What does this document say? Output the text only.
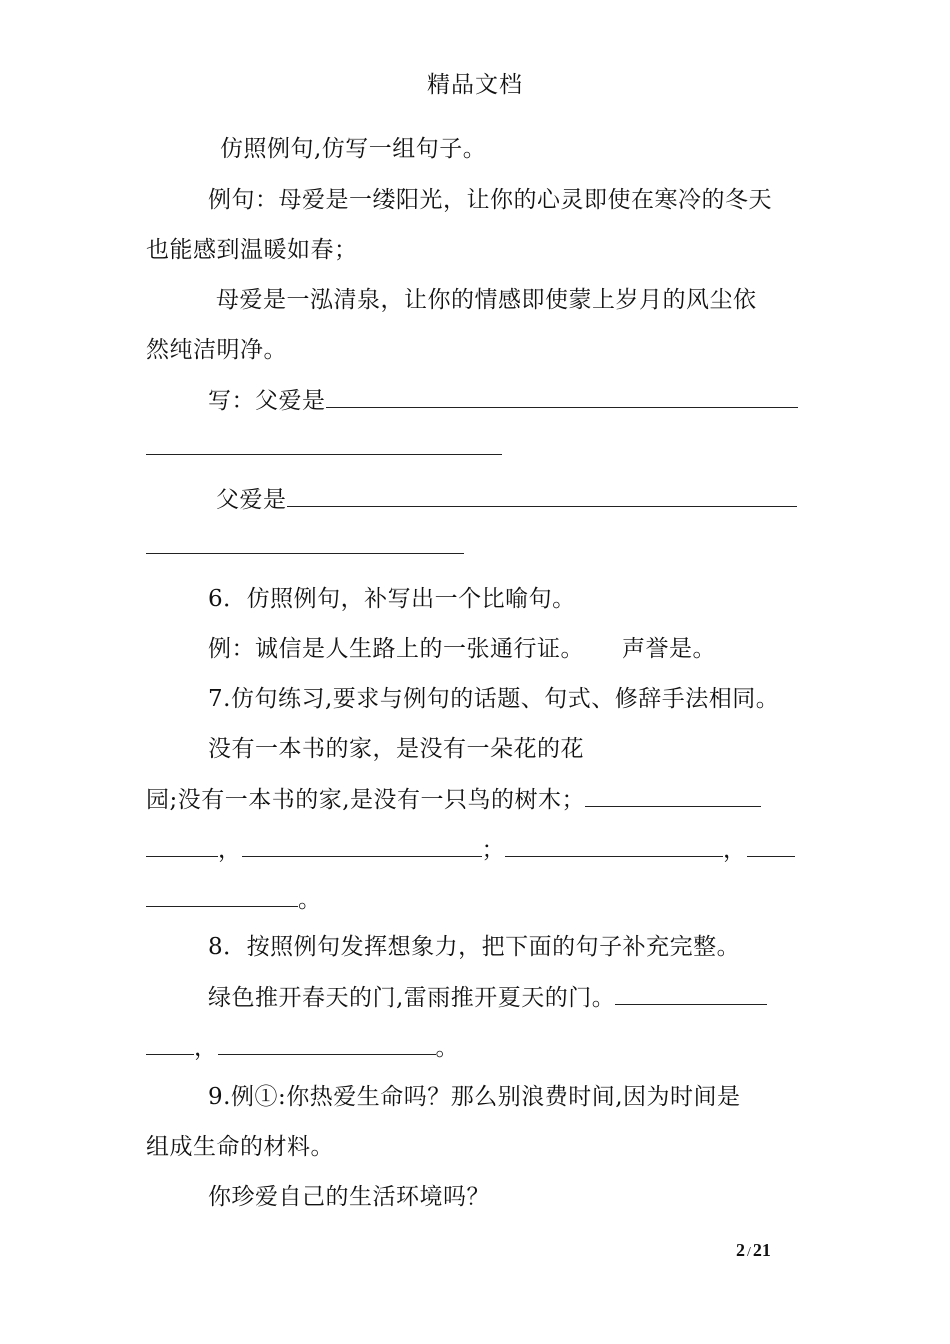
精品文档
仿照例句,仿写一组句子。
例句：母爱是一缕阳光，让你的心灵即使在寒冷的冬天
也能感到温暖如春；
母爱是一泓清泉，让你的情感即使蒙上岁月的风尘依
然纯洁明净。
写：父爱是
父爱是
6．仿照例句，补写出一个比喻句。
例：诚信是人生路上的一张通行证。 声誉是。
7.仿句练习,要求与例句的话题、句式、修辞手法相同。
没有一本书的家，是没有一朵花的花
园;没有一本书的家,是没有一只鸟的树木；
，	；	，
。
8．按照例句发挥想象力，把下面的句子补充完整。
绿色推开春天的门,雷雨推开夏天的门。
，	。
9.例①:你热爱生命吗？那么别浪费时间,因为时间是
组成生命的材料。
你珍爱自己的生活环境吗？
2 / 21
